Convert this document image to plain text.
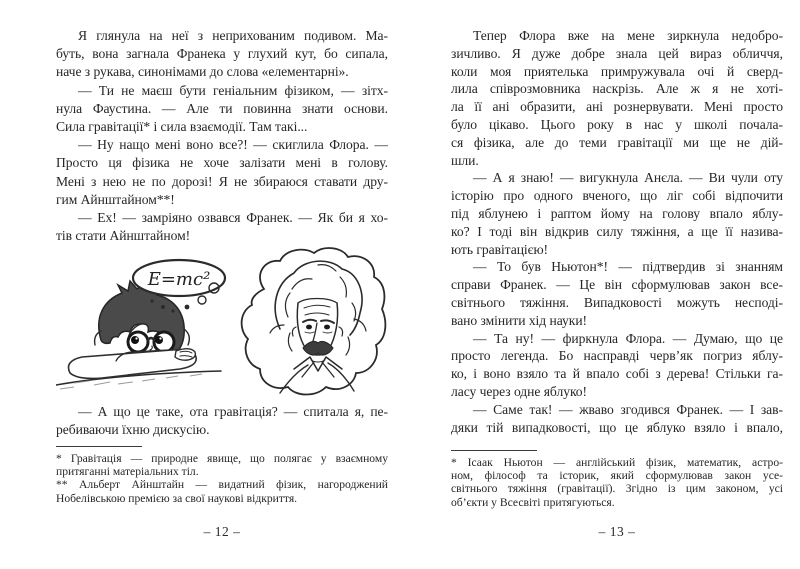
Я глянула на неї з неприхованим подивом. Ма-
буть, вона загнала Франека у глухий кут, бо сипала,
наче з рукава, синонімами до слова «елементарні».
— Ти не маєш бути геніальним фізиком, — зітх-
нула Фаустина. — Але ти повинна знати основи.
Сила гравітації* і сила взаємодії. Там такі...
— Ну нащо мені воно все?! — скиглила Флора. —
Просто ця фізика не хоче залізати мені в голову.
Мені з нею не по дорозі! Я не збираюся ставати дру-
гим Айнштайном**!
— Ех! — замріяно озвався Франек. — Як би я хо-
тів стати Айнштайном!
E=mc²
— А що це таке, ота гравітація? — спитала я, пе-
ребиваючи їхню дискусію.
* Гравітація — природне явище, що полягає у взаємному
притяганні матеріальних тіл.
** Альберт Айнштайн — видатний фізик, нагороджений
Нобелівською премією за свої наукові відкриття.
– 12 –
Тепер Флора вже на мене зиркнула недобро-
зичливо. Я дуже добре знала цей вираз обличчя,
коли моя приятелька примружувала очі й сверд-
лила співрозмовника наскрізь. Але ж я не хоті-
ла її ані образити, ані рознервувати. Мені просто
було цікаво. Цього року в нас у школі почала-
ся фізика, але до теми гравітації ми ще не дій-
шли.
— А я знаю! — вигукнула Анєла. — Ви чули оту
історію про одного вченого, що ліг собі відпочити
під яблунею і раптом йому на голову впало яблу-
ко? І тоді він відкрив силу тяжіння, а ще її назива-
ють гравітацією!
— То був Ньютон*! — підтвердив зі знанням
справи Франек. — Це він сформулював закон все-
світнього тяжіння. Випадковості можуть несподі-
вано змінити хід науки!
— Та ну! — фиркнула Флора. — Думаю, що це
просто легенда. Бо насправді черв’як погриз яблу-
ко, і воно взяло та й впало собі з дерева! Стільки га-
ласу через одне яблуко!
— Саме так! — жваво згодився Франек. — І зав-
дяки тій випадковості, що це яблуко взяло і впало,
* Ісаак Ньютон — англійський фізик, математик, астро-
ном, філософ та історик, який сформулював закон усе-
світнього тяжіння (гравітації). Згідно із цим законом, усі
об’єкти у Всесвіті притягуються.
– 13 –
